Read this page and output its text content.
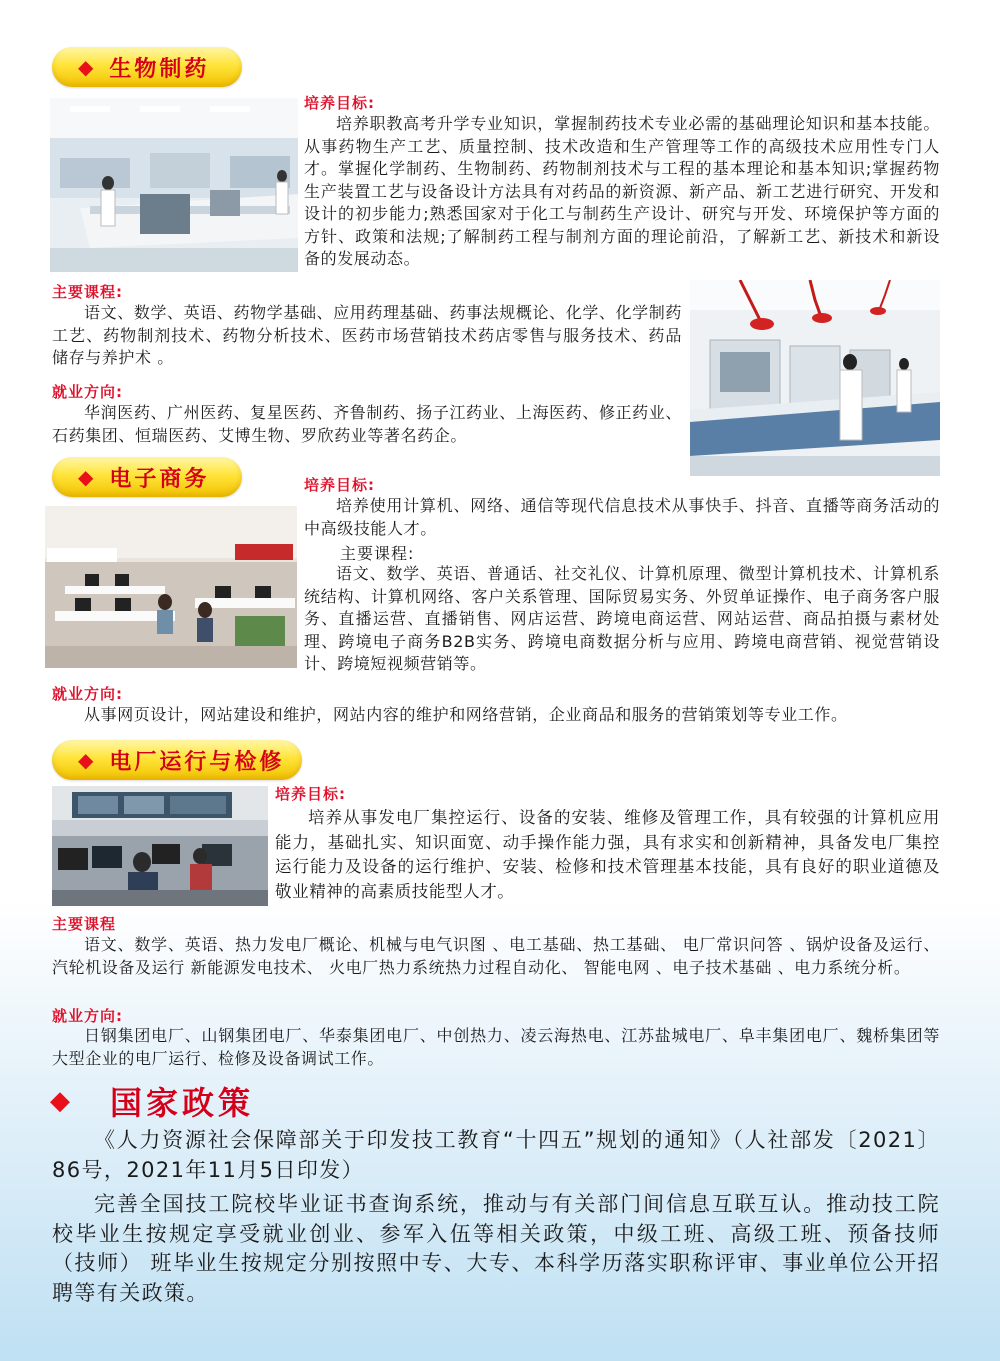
◆ 生物制药
培养目标:

培养职教高考升学专业知识，掌握制药技术专业必需的基础理论知识和基本技能。从事药物生产工艺、质量控制、技术改造和生产管理等工作的高级技术应用性专门人才。掌握化学制药、生物制药、药物制剂技术与工程的基本理论和基本知识;掌握药物生产装置工艺与设备设计方法具有对药品的新资源、新产品、新工艺进行研究、开发和设计的初步能力;熟悉国家对于化工与制药生产设计、研究与开发、环境保护等方面的方针、政策和法规;了解制药工程与制剂方面的理论前沿，了解新工艺、新技术和新设备的发展动态。

主要课程:

语文、数学、英语、药物学基础、应用药理基础、药事法规概论、化学、化学制药工艺、药物制剂技术、药物分析技术、医药市场营销技术药店零售与服务技术、药品储存与养护术 。

就业方向:

华润医药、广州医药、复星医药、齐鲁制药、扬子江药业、上海医药、修正药业、石药集团、恒瑞医药、艾博生物、罗欣药业等著名药企。

◆ 电子商务	培养目标:

培养使用计算机、网络、通信等现代信息技术从事快手、抖音、直播等商务活动的中高级技能人才。

主要课程:

语文、数学、英语、普通话、社交礼仪、计算机原理、微型计算机技术、计算机系统结构、计算机网络、客户关系管理、国际贸易实务、外贸单证操作、电子商务客户服务、直播运营、直播销售、网店运营、跨境电商运营、网站运营、商品拍摄与素材处理、跨境电子商务B2B实务、跨境电商数据分析与应用、跨境电商营销、视觉营销设计、跨境短视频营销等。

就业方向:

从事网页设计，网站建设和维护，网站内容的维护和网络营销，企业商品和服务的营销策划等专业工作。

◆ 电厂运行与检修
培养目标:

培养从事发电厂集控运行、设备的安装、维修及管理工作，具有较强的计算机应用能力，基础扎实、知识面宽、动手操作能力强，具有求实和创新精神，具备发电厂集控运行能力及设备的运行维护、安装、检修和技术管理基本技能，具有良好的职业道德及敬业精神的高素质技能型人才。

主要课程

语文、数学、英语、热力发电厂概论、机械与电气识图 、电工基础、热工基础、 电厂常识问答 、锅炉设备及运行、汽轮机设备及运行 新能源发电技术、 火电厂热力系统热力过程自动化、 智能电网 、电子技术基础 、电力系统分析。

就业方向:

日钢集团电厂、山钢集团电厂、华泰集团电厂、中创热力、凌云海热电、江苏盐城电厂、阜丰集团电厂、魏桥集团等大型企业的电厂运行、检修及设备调试工作。

◆ 国家政策

《人力资源社会保障部关于印发技工教育“十四五”规划的通知》（人社部发〔2021〕86号，2021年11月5日印发）

完善全国技工院校毕业证书查询系统，推动与有关部门间信息互联互认。推动技工院校毕业生按规定享受就业创业、参军入伍等相关政策，中级工班、高级工班、预备技师（技师） 班毕业生按规定分别按照中专、大专、本科学历落实职称评审、事业单位公开招聘等有关政策。
